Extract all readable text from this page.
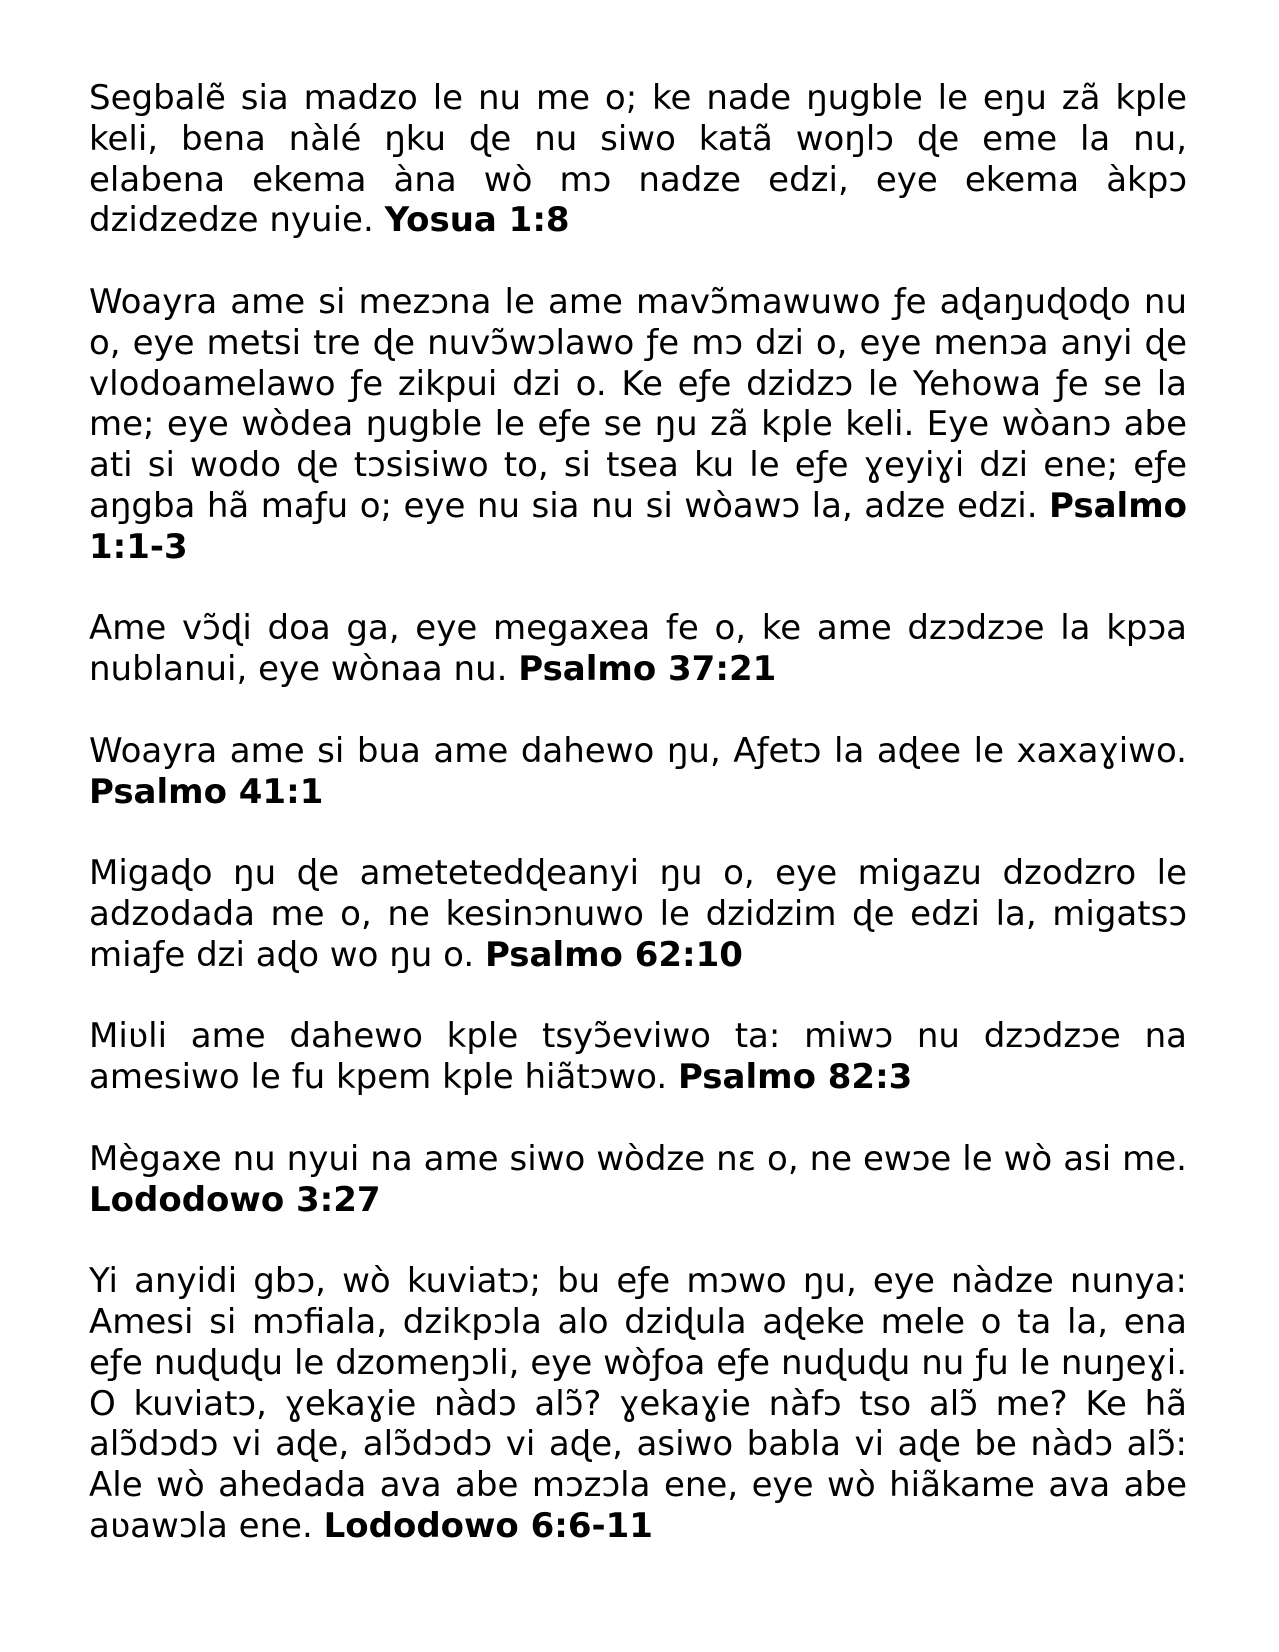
Segbalẽ sia madzo le nu me o; ke nade ŋugble le eŋu zã kple keli, bena nàlé ŋku ɖe nu siwo katã woŋlɔ ɖe eme la nu, elabena ekema àna wò mɔ nadze edzi, eye ekema àkpɔ dzidzedze nyuie. Yosua 1:8

Woayra ame si mezɔna le ame mavɔ̃mawuwo ƒe aɖaŋuɖoɖo nu o, eye metsi tre ɖe nuvɔ̃wɔlawo ƒe mɔ dzi o, eye menɔa anyi ɖe vlodoamelawo ƒe zikpui dzi o. Ke eƒe dzidzɔ le Yehowa ƒe se la me; eye wòdea ŋugble le eƒe se ŋu zã kple keli. Eye wòanɔ abe ati si wodo ɖe tɔsisiwo to, si tsea ku le eƒe ɣeyiɣi dzi ene; eƒe aŋgba hã maƒu o; eye nu sia nu si wòawɔ la, adze edzi. Psalmo 1:1-3

Ame vɔ̃ɖi doa ga, eye megaxea fe o, ke ame dzɔdzɔe la kpɔa nublanui, eye wònaa nu. Psalmo 37:21

Woayra ame si bua ame dahewo ŋu, Aƒetɔ la aɖee le xaxaɣiwo. Psalmo 41:1

Migaɖo ŋu ɖe ametetedɖeanyi ŋu o, eye migazu dzodzro le adzodada me o, ne kesinɔnuwo le dzidzim ɖe edzi la, migatsɔ miaƒe dzi aɖo wo ŋu o. Psalmo 62:10

Miʋli ame dahewo kple tsyɔ̃eviwo ta: miwɔ nu dzɔdzɔe na amesiwo le fu kpem kple hiãtɔwo. Psalmo 82:3

Mègaxe nu nyui na ame siwo wòdze nɛ o, ne ewɔe le wò asi me. Lododowo 3:27

Yi anyidi gbɔ, wò kuviatɔ; bu eƒe mɔwo ŋu, eye nàdze nunya: Amesi si mɔfiala, dzikpɔla alo dziɖula aɖeke mele o ta la, ena eƒe nuɖuɖu le dzomeŋɔli, eye wòƒoa eƒe nuɖuɖu nu ƒu le nuŋeɣi. O kuviatɔ, ɣekaɣie nàdɔ alɔ̃? ɣekaɣie nàfɔ tso alɔ̃ me? Ke hã alɔ̃dɔdɔ vi aɖe, alɔ̃dɔdɔ vi aɖe, asiwo babla vi aɖe be nàdɔ alɔ̃: Ale wò ahedada ava abe mɔzɔla ene, eye wò hiãkame ava abe aʋawɔla ene. Lododowo 6:6-11
